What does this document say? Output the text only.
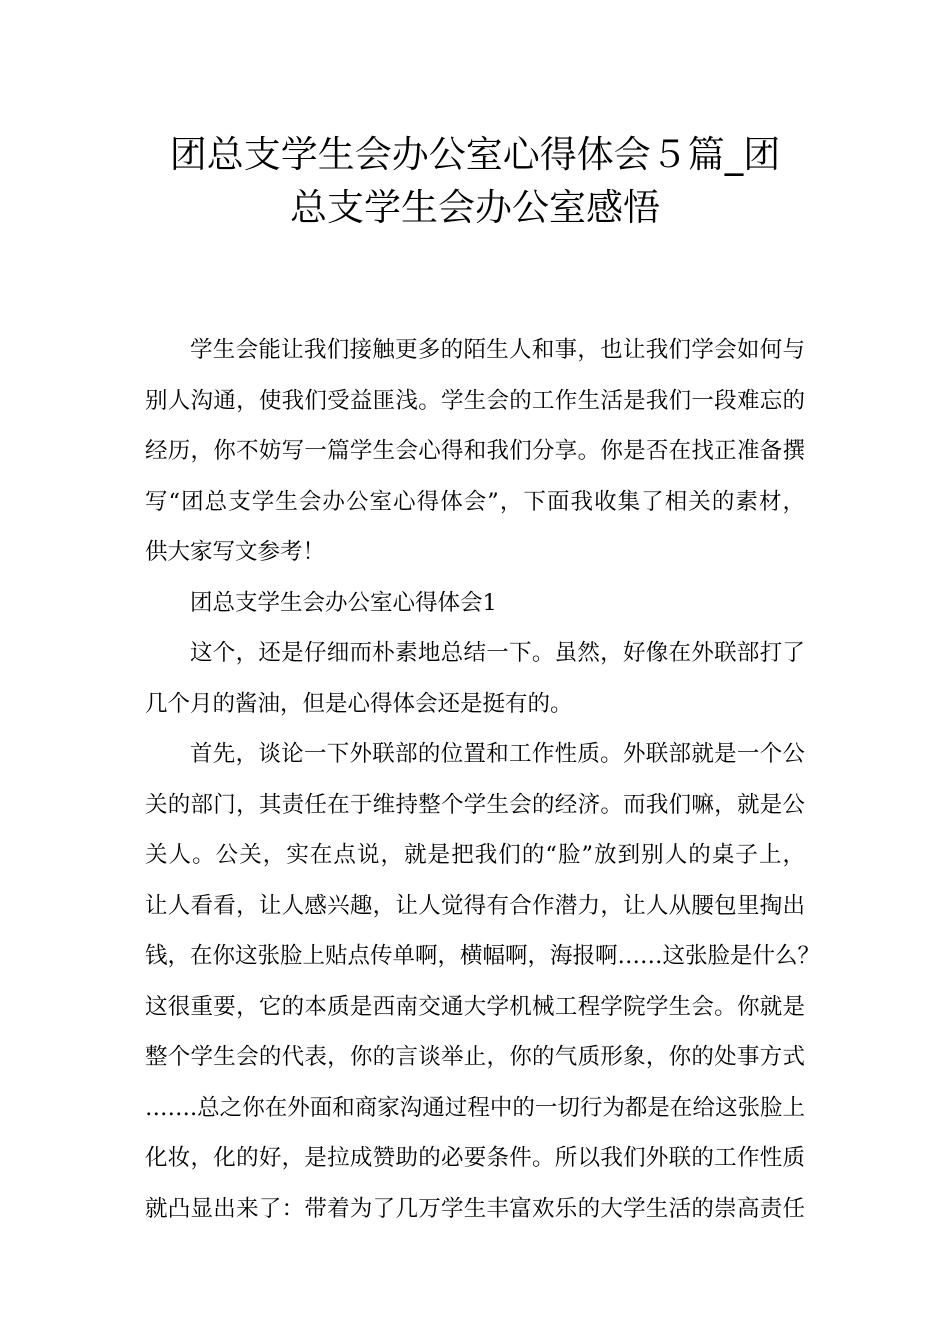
团总支学生会办公室心得体会５篇_团
总支学生会办公室感悟
学生会能让我们接触更多的陌生人和事，也让我们学会如何与
别人沟通，使我们受益匪浅。学生会的工作生活是我们一段难忘的
经历，你不妨写一篇学生会心得和我们分享。你是否在找正准备撰
写“团总支学生会办公室心得体会”，下面我收集了相关的素材，
供大家写文参考！
团总支学生会办公室心得体会1
这个，还是仔细而朴素地总结一下。虽然，好像在外联部打了
几个月的酱油，但是心得体会还是挺有的。
首先，谈论一下外联部的位置和工作性质。外联部就是一个公
关的部门，其责任在于维持整个学生会的经济。而我们嘛，就是公
关人。公关，实在点说，就是把我们的“脸”放到别人的桌子上，
让人看看，让人感兴趣，让人觉得有合作潜力，让人从腰包里掏出
钱，在你这张脸上贴点传单啊，横幅啊，海报啊……这张脸是什么？
这很重要，它的本质是西南交通大学机械工程学院学生会。你就是
整个学生会的代表，你的言谈举止，你的气质形象，你的处事方式
…….总之你在外面和商家沟通过程中的一切行为都是在给这张脸上
化妆，化的好，是拉成赞助的必要条件。所以我们外联的工作性质
就凸显出来了：带着为了几万学生丰富欢乐的大学生活的崇高责任
